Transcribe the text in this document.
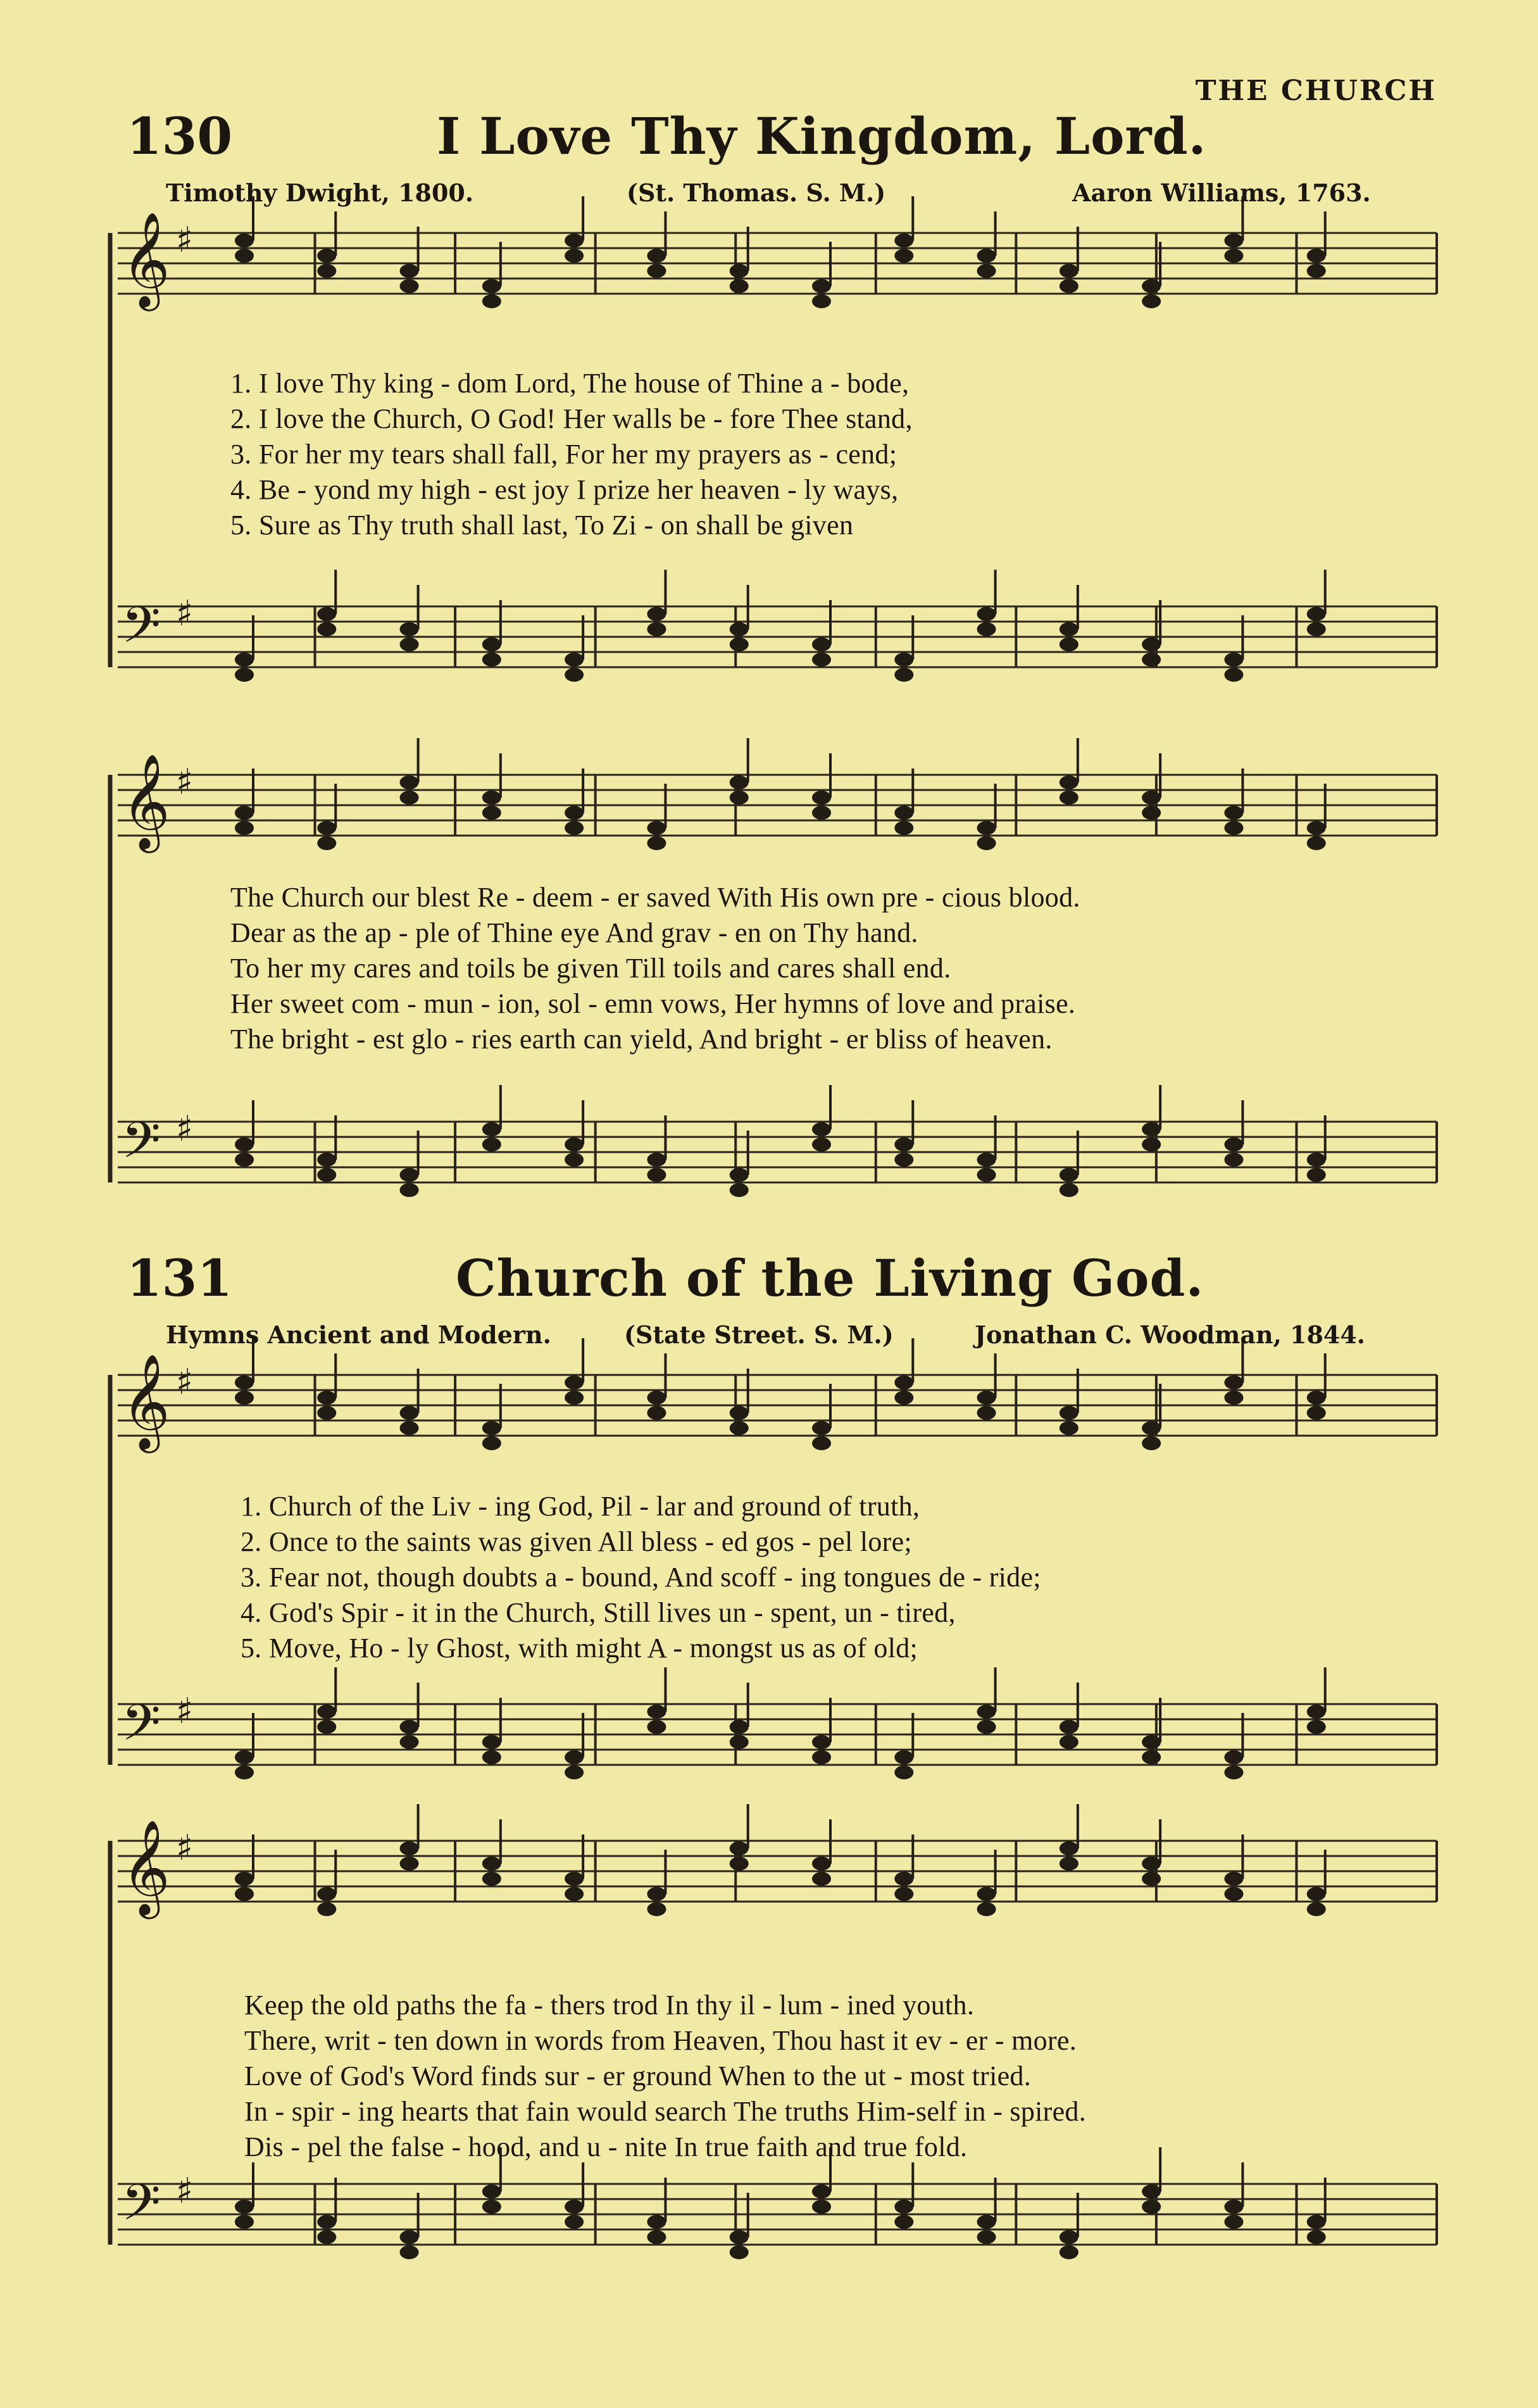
THE CHURCH
130	I Love Thy Kingdom, Lord.
Timothy Dwight, 1800.	(St. Thomas. S. M.)	Aaron Williams, 1763.
𝄞 ♯
𝄢 ♯
𝄞 ♯
𝄢 ♯
𝄞 ♯
𝄢 ♯
𝄞 ♯
𝄢 ♯
1. I love Thy king - dom Lord, The house of Thine a - bode,
2. I love the Church, O God! Her walls be - fore Thee stand,
3. For her my tears shall fall, For her my prayers as - cend;
4. Be - yond my high - est joy I prize her heaven - ly ways,
5. Sure as Thy truth shall last, To Zi - on shall be given
The Church our blest Re - deem - er saved With His own pre - cious blood.
Dear as the ap - ple of Thine eye And grav - en on Thy hand.
To her my cares and toils be given Till toils and cares shall end.
Her sweet com - mun - ion, sol - emn vows, Her hymns of love and praise.
The bright - est glo - ries earth can yield, And bright - er bliss of heaven.
131	Church of the Living God.
Hymns Ancient and Modern.	(State Street. S. M.)	Jonathan C. Woodman, 1844.
1. Church of the Liv - ing God, Pil - lar and ground of truth,
2. Once to the saints was given All bless - ed gos - pel lore;
3. Fear not, though doubts a - bound, And scoff - ing tongues de - ride;
4. God's Spir - it in the Church, Still lives un - spent, un - tired,
5. Move, Ho - ly Ghost, with might A - mongst us as of old;
Keep the old paths the fa - thers trod In thy il - lum - ined youth.
There, writ - ten down in words from Heaven, Thou hast it ev - er - more.
Love of God's Word finds sur - er ground When to the ut - most tried.
In - spir - ing hearts that fain would search The truths Him-self in - spired.
Dis - pel the false - hood, and u - nite In true faith and true fold.
